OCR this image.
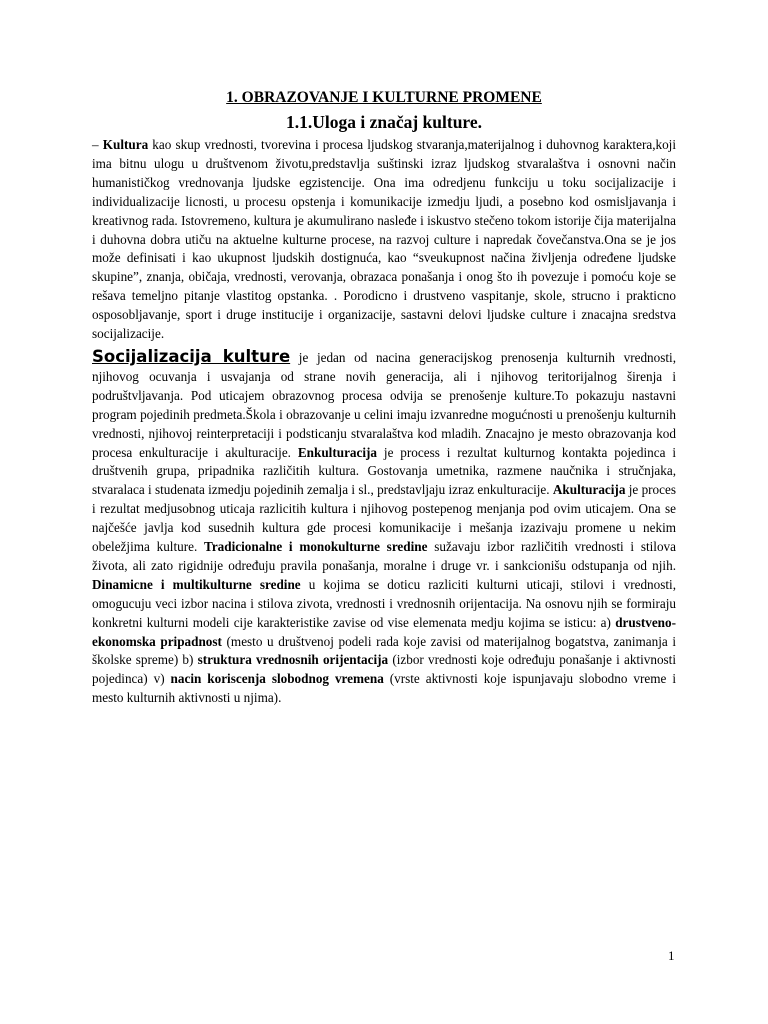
1. OBRAZOVANJE I KULTURNE PROMENE
1.1.Uloga i značaj kulture.

– Kultura kao skup vrednosti, tvorevina i procesa ljudskog stvaranja,materijalnog i duhovnog karaktera,koji ima bitnu ulogu u društvenom životu,predstavlja suštinski izraz ljudskog stvaralaštva i osnovni način humanističkog vrednovanja ljudske egzistencije. Ona ima odredjenu funkciju u toku socijalizacije i individualizacije licnosti, u procesu opstenja i komunikacije izmedju ljudi, a posebno kod osmisljavanja i kreativnog rada. Istovremeno, kultura je akumulirano nasleđe i iskustvo stečeno tokom istorije čija materijalna i duhovna dobra utiču na aktuelne kulturne procese, na razvoj culture i napredak čovečanstva.Ona se je jos može definisati i kao ukupnost ljudskih dostignuća, kao “sveukupnost načina življenja određene ljudske skupine”, znanja, običaja, vrednosti, verovanja, obrazaca ponašanja i onog što ih povezuje i pomoću koje se rešava temeljno pitanje vlastitog opstanka. . Porodicno i drustveno vaspitanje, skole, strucno i prakticno osposobljavanje, sport i druge institucije i organizacije, sastavni delovi ljudske culture i znacajna sredstva socijalizacije.

Socijalizacija kulture je jedan od nacina generacijskog prenosenja kulturnih vrednosti, njihovog ocuvanja i usvajanja od strane novih generacija, ali i njihovog teritorijalnog širenja i podruštvljavanja. Pod uticajem obrazovnog procesa odvija se prenošenje kulture.To pokazuju nastavni program pojedinih predmeta.Škola i obrazovanje u celini imaju izvanredne mogućnosti u prenošenju kulturnih vrednosti, njihovoj reinterpretaciji i podsticanju stvaralaštva kod mladih. Znacajno je mesto obrazovanja kod procesa enkulturacije i akulturacije. Enkulturacija je process i rezultat kulturnog kontakta pojedinca i društvenih grupa, pripadnika različitih kultura. Gostovanja umetnika, razmene naučnika i stručnjaka, stvaralaca i studenata izmedju pojedinih zemalja i sl., predstavljaju izraz enkulturacije. Akulturacija je proces i rezultat medjusobnog uticaja razlicitih kultura i njihovog postepenog menjanja pod ovim uticajem. Ona se najčešće javlja kod susednih kultura gde procesi komunikacije i mešanja izazivaju promene u nekim obeležjima kulture. Tradicionalne i monokulturne sredine sužavaju izbor različitih vrednosti i stilova života, ali zato rigidnije određuju pravila ponašanja, moralne i druge vr. i sankcionišu odstupanja od njih. Dinamicne i multikulturne sredine u kojima se doticu razliciti kulturni uticaji, stilovi i vrednosti, omogucuju veci izbor nacina i stilova zivota, vrednosti i vrednosnih orijentacija. Na osnovu njih se formiraju konkretni kulturni modeli cije karakteristike zavise od vise elemenata medju kojima se isticu: a) drustveno- ekonomska pripadnost (mesto u društvenoj podeli rada koje zavisi od materijalnog bogatstva, zanimanja i školske spreme) b) struktura vrednosnih orijentacija (izbor vrednosti koje određuju ponašanje i aktivnosti pojedinca) v) nacin koriscenja slobodnog vremena (vrste aktivnosti koje ispunjavaju slobodno vreme i mesto kulturnih aktivnosti u njima).

1
